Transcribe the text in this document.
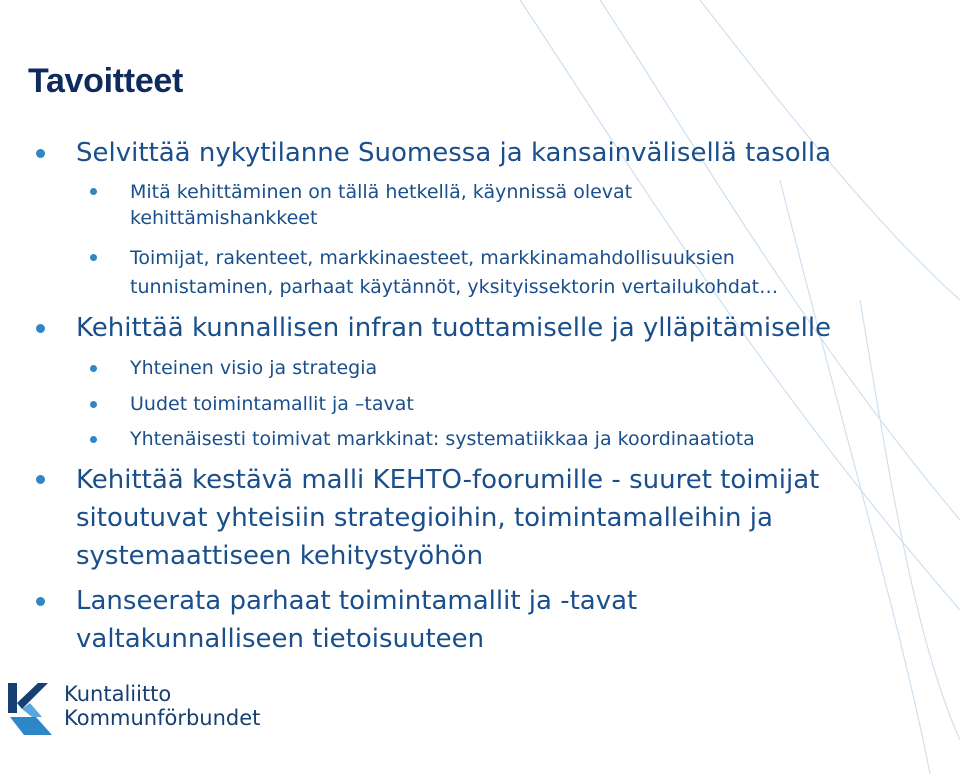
Tavoitteet
Selvittää nykytilanne Suomessa ja kansainvälisellä tasolla
Mitä kehittäminen on tällä hetkellä, käynnissä olevat
kehittämishankkeet
Toimijat, rakenteet, markkinaesteet, markkinamahdollisuuksien
tunnistaminen, parhaat käytännöt, yksityissektorin vertailukohdat…
Kehittää kunnallisen infran tuottamiselle ja ylläpitämiselle
Yhteinen visio ja strategia
Uudet toimintamallit ja –tavat
Yhtenäisesti toimivat markkinat: systematiikkaa ja koordinaatiota
Kehittää kestävä malli KEHTO-foorumille - suuret toimijat
sitoutuvat yhteisiin strategioihin, toimintamalleihin ja
systemaattiseen kehitystyöhön
Lanseerata parhaat toimintamallit ja -tavat
valtakunnalliseen tietoisuuteen
Kuntaliitto
Kommunförbundet
